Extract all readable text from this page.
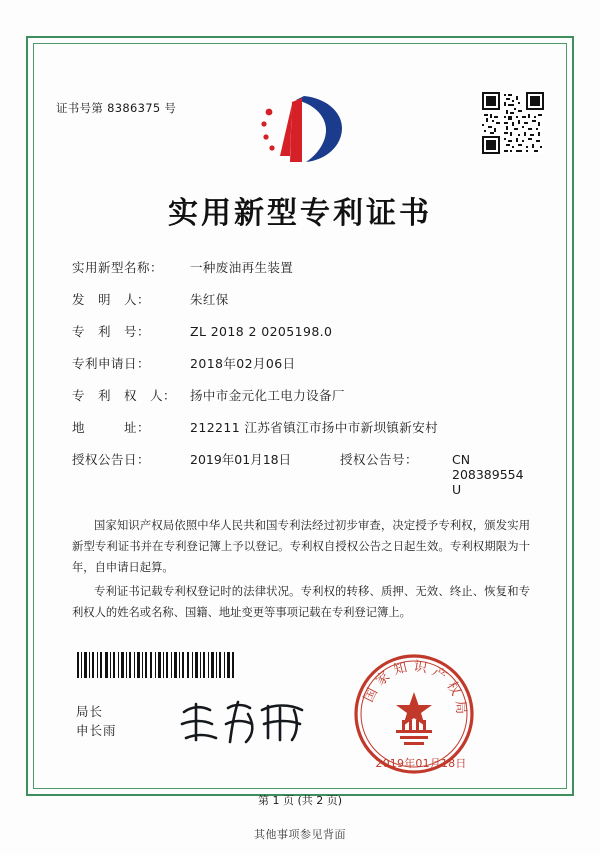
证书号第 8386375 号
实用新型专利证书
实用新型名称：	一种废油再生装置
发　明　人：	朱红保
专　利　号：	ZL 2018 2 0205198.0
专利申请日：	2018年02月06日
专　利　权　人：	扬中市金元化工电力设备厂
地　　　址：	212211 江苏省镇江市扬中市新坝镇新安村
授权公告日：	2019年01月18日	授权公告号：	CN 208389554 U

国家知识产权局依照中华人民共和国专利法经过初步审查，决定授予专利权，颁发实用新型专利证书并在专利登记簿上予以登记。专利权自授权公告之日起生效。专利权期限为十年，自申请日起算。

专利证书记载专利权登记时的法律状况。专利权的转移、质押、无效、终止、恢复和专利权人的姓名或名称、国籍、地址变更等事项记载在专利登记簿上。

国家知识产权局
2019年01月18日
局长
申长雨
第 1 页 (共 2 页)
其他事项参见背面
